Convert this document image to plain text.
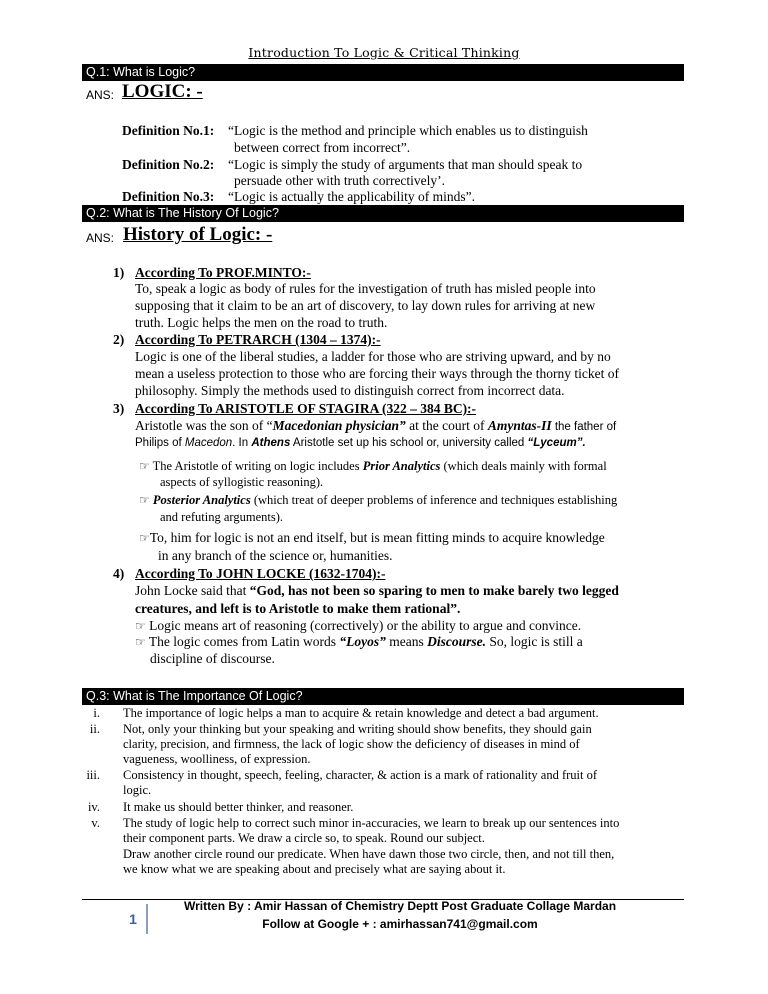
Introduction To Logic & Critical Thinking
Q.1: What is Logic?
ANS: LOGIC: -
Definition No.1: “Logic is the method and principle which enables us to distinguish
between correct from incorrect”.
Definition No.2: “Logic is simply the study of arguments that man should speak to
persuade other with truth correctively’.
Definition No.3: “Logic is actually the applicability of minds”.
Q.2: What is The History Of Logic?
ANS: History of Logic: -
1) According To PROF.MINTO:-
To, speak a logic as body of rules for the investigation of truth has misled people into
supposing that it claim to be an art of discovery, to lay down rules for arriving at new
truth. Logic helps the men on the road to truth.
2) According To PETRARCH (1304 – 1374):-
Logic is one of the liberal studies, a ladder for those who are striving upward, and by no
mean a useless protection to those who are forcing their ways through the thorny ticket of
philosophy. Simply the methods used to distinguish correct from incorrect data.
3) According To ARISTOTLE OF STAGIRA (322 – 384 BC):-
Aristotle was the son of “Macedonian physician” at the court of Amyntas-II the father of
Philips of Macedon. In Athens Aristotle set up his school or, university called “Lyceum”.
☞ The Aristotle of writing on logic includes Prior Analytics (which deals mainly with formal
aspects of syllogistic reasoning).
☞ Posterior Analytics (which treat of deeper problems of inference and techniques establishing
and refuting arguments).
☞To, him for logic is not an end itself, but is mean fitting minds to acquire knowledge
in any branch of the science or, humanities.
4) According To JOHN LOCKE (1632-1704):-
John Locke said that “God, has not been so sparing to men to make barely two legged
creatures, and left is to Aristotle to make them rational”.
☞ Logic means art of reasoning (correctively) or the ability to argue and convince.
☞ The logic comes from Latin words “Loyos” means Discourse. So, logic is still a
discipline of discourse.
Q.3: What is The Importance Of Logic?
i. The importance of logic helps a man to acquire & retain knowledge and detect a bad argument.
ii. Not, only your thinking but your speaking and writing should show benefits, they should gain
clarity, precision, and firmness, the lack of logic show the deficiency of diseases in mind of
vagueness, woolliness, of expression.
iii. Consistency in thought, speech, feeling, character, & action is a mark of rationality and fruit of
logic.
iv. It make us should better thinker, and reasoner.
v. The study of logic help to correct such minor in-accuracies, we learn to break up our sentences into
their component parts. We draw a circle so, to speak. Round our subject.
Draw another circle round our predicate. When have dawn those two circle, then, and not till then,
we know what we are speaking about and precisely what are saying about it.
1
Written By : Amir Hassan of Chemistry Deptt Post Graduate Collage Mardan
Follow at Google + : amirhassan741@gmail.com
